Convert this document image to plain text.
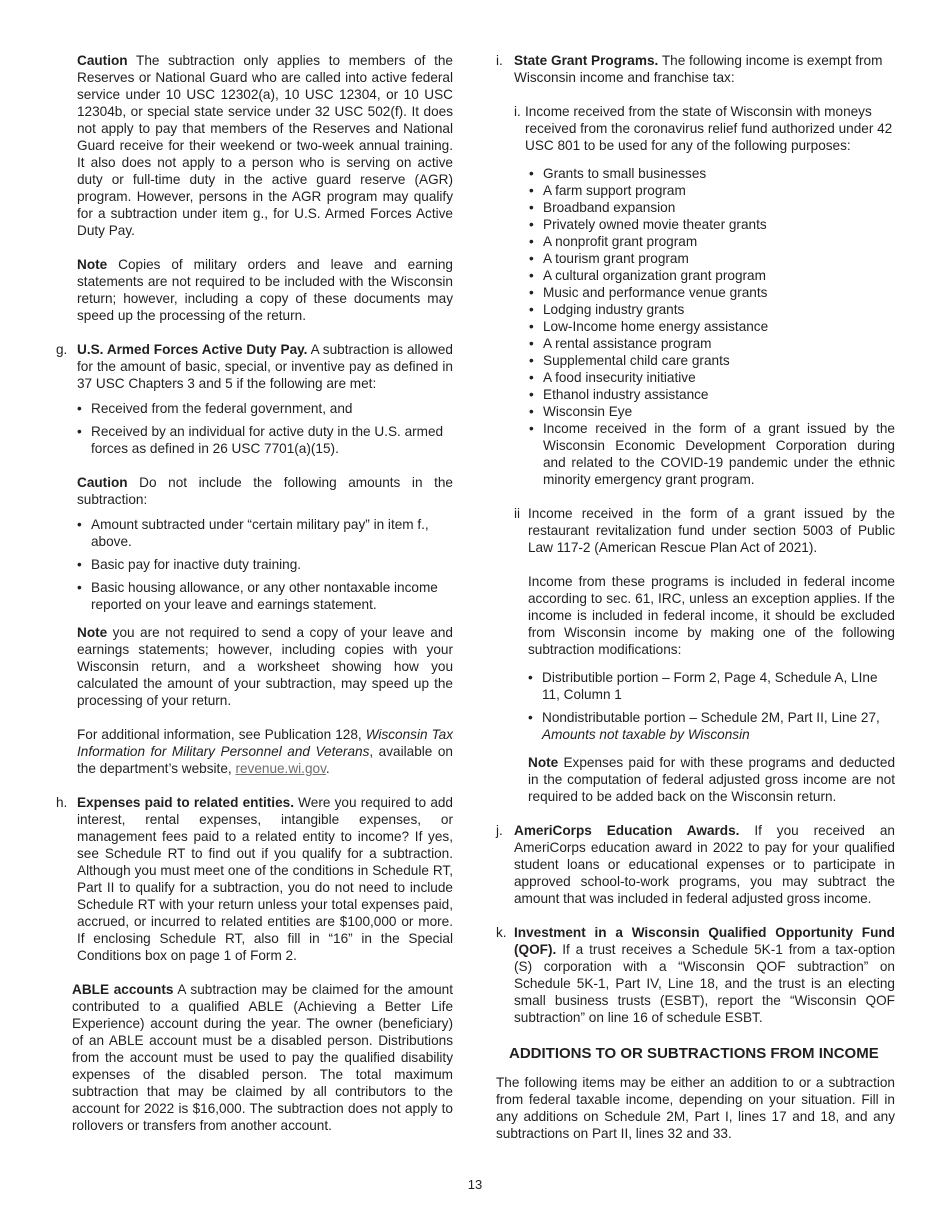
Caution The subtraction only applies to members of the Reserves or National Guard who are called into active federal service under 10 USC 12302(a), 10 USC 12304, or 10 USC 12304b, or special state service under 32 USC 502(f). It does not apply to pay that members of the Reserves and National Guard receive for their weekend or two-week annual training. It also does not apply to a person who is serving on active duty or full-time duty in the active guard reserve (AGR) program. However, persons in the AGR program may qualify for a subtraction under item g., for U.S. Armed Forces Active Duty Pay.

Note Copies of military orders and leave and earning statements are not required to be included with the Wisconsin return; however, including a copy of these documents may speed up the processing of the return.

g. U.S. Armed Forces Active Duty Pay. A subtraction is allowed for the amount of basic, special, or inventive pay as defined in 37 USC Chapters 3 and 5 if the following are met:

• Received from the federal government, and
• Received by an individual for active duty in the U.S. armed forces as defined in 26 USC 7701(a)(15).

Caution Do not include the following amounts in the subtraction:

• Amount subtracted under “certain military pay” in item f., above.
• Basic pay for inactive duty training.
• Basic housing allowance, or any other nontaxable income reported on your leave and earnings statement.

Note you are not required to send a copy of your leave and earnings statements; however, including copies with your Wisconsin return, and a worksheet showing how you calculated the amount of your subtraction, may speed up the processing of your return.

For additional information, see Publication 128, Wisconsin Tax Information for Military Personnel and Veterans, available on the department’s website, revenue.wi.gov.

h. Expenses paid to related entities. Were you required to add interest, rental expenses, intangible expenses, or management fees paid to a related entity to income? If yes, see Schedule RT to find out if you qualify for a subtraction. Although you must meet one of the conditions in Schedule RT, Part II to qualify for a subtraction, you do not need to include Schedule RT with your return unless your total expenses paid, accrued, or incurred to related entities are $100,000 or more. If enclosing Schedule RT, also fill in “16” in the Special Conditions box on page 1 of Form 2.

ABLE accounts A subtraction may be claimed for the amount contributed to a qualified ABLE (Achieving a Better Life Experience) account during the year. The owner (beneficiary) of an ABLE account must be a disabled person. Distributions from the account must be used to pay the qualified disability expenses of the disabled person. The total maximum subtraction that may be claimed by all contributors to the account for 2022 is $16,000. The subtraction does not apply to rollovers or transfers from another account.

i. State Grant Programs. The following income is exempt from Wisconsin income and franchise tax:

i. Income received from the state of Wisconsin with moneys received from the coronavirus relief fund authorized under 42 USC 801 to be used for any of the following purposes:

• Grants to small businesses
• A farm support program
• Broadband expansion
• Privately owned movie theater grants
• A nonprofit grant program
• A tourism grant program
• A cultural organization grant program
• Music and performance venue grants
• Lodging industry grants
• Low-Income home energy assistance
• A rental assistance program
• Supplemental child care grants
• A food insecurity initiative
• Ethanol industry assistance
• Wisconsin Eye
• Income received in the form of a grant issued by the Wisconsin Economic Development Corporation during and related to the COVID-19 pandemic under the ethnic minority emergency grant program.
ii Income received in the form of a grant issued by the restaurant revitalization fund under section 5003 of Public Law 117-2 (American Rescue Plan Act of 2021).

Income from these programs is included in federal income according to sec. 61, IRC, unless an exception applies. If the income is included in federal income, it should be excluded from Wisconsin income by making one of the following subtraction modifications:

• Distributible portion – Form 2, Page 4, Schedule A, LIne 11, Column 1
• Nondistributable portion – Schedule 2M, Part II, Line 27, Amounts not taxable by Wisconsin

Note Expenses paid for with these programs and deducted in the computation of federal adjusted gross income are not required to be added back on the Wisconsin return.

j. AmeriCorps Education Awards. If you received an AmeriCorps education award in 2022 to pay for your qualified student loans or educational expenses or to participate in approved school-to-work programs, you may subtract the amount that was included in federal adjusted gross income.

k. Investment in a Wisconsin Qualified Opportunity Fund (QOF). If a trust receives a Schedule 5K-1 from a tax-option (S) corporation with a “Wisconsin QOF subtraction” on Schedule 5K-1, Part IV, Line 18, and the trust is an electing small business trusts (ESBT), report the “Wisconsin QOF subtraction” on line 16 of schedule ESBT.

ADDITIONS TO OR SUBTRACTIONS FROM INCOME

The following items may be either an addition to or a subtraction from federal taxable income, depending on your situation. Fill in any additions on Schedule 2M, Part I, lines 17 and 18, and any subtractions on Part II, lines 32 and 33.

13
